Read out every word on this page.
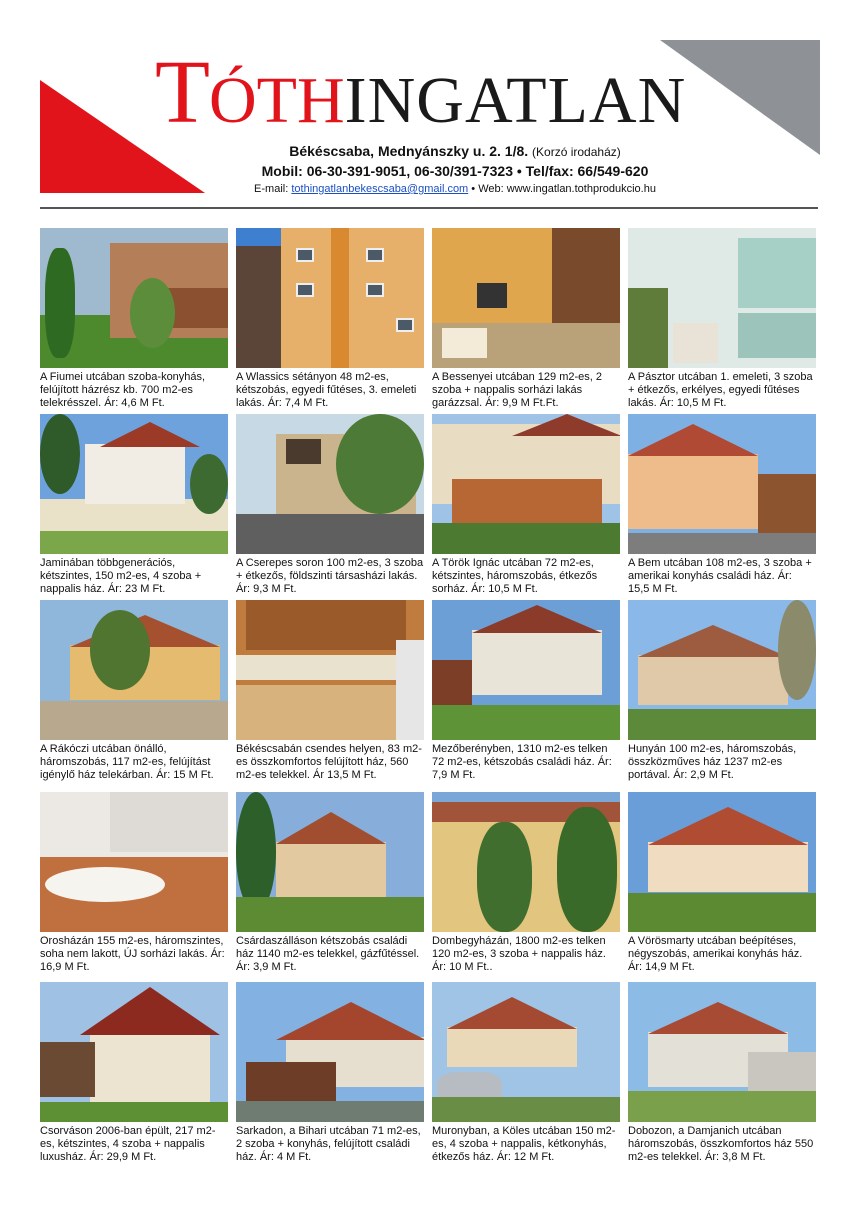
TÓTHINGATLAN
Békéscsaba, Mednyánszky u. 2. 1/8. (Korzó irodaház)
Mobil: 06-30-391-9051, 06-30/391-7323 • Tel/fax: 66/549-620
E-mail: tothingatlanbekescsaba@gmail.com • Web: www.ingatlan.tothprodukcio.hu
A Fiumei utcában szoba-konyhás, felújított házrész kb. 700 m2-es telekrésszel. Ár: 4,6 M Ft.
A Wlassics sétányon 48 m2-es, kétszobás, egyedi fűtéses, 3. emeleti lakás. Ár: 7,4 M Ft.
A Bessenyei utcában 129 m2-es, 2 szoba + nappalis sorházi lakás garázzsal. Ár: 9,9 M Ft.Ft.
A Pásztor utcában 1. emeleti, 3 szoba + étkezős, erkélyes, egyedi fűtéses lakás. Ár: 10,5 M Ft.
Jaminában többgenerációs, kétszintes, 150 m2-es, 4 szoba + nappalis ház. Ár: 23 M Ft.
A Cserepes soron 100 m2-es, 3 szoba + étkezős, földszinti társasházi lakás. Ár: 9,3 M Ft.
A Török Ignác utcában 72 m2-es, kétszintes, háromszobás, étkezős sorház. Ár: 10,5 M Ft.
A Bem utcában 108 m2-es, 3 szoba + amerikai konyhás családi ház. Ár: 15,5 M Ft.
A Rákóczi utcában önálló, háromszobás, 117 m2-es, felújítást igénylő ház telekárban. Ár: 15 M Ft.
Békéscsabán csendes helyen, 83 m2-es összkomfortos felújított ház, 560 m2-es telekkel. Ár 13,5 M Ft.
Mezőberényben, 1310 m2-es telken 72 m2-es, kétszobás családi ház. Ár: 7,9 M Ft.
Hunyán 100 m2-es, háromszobás, összközműves ház 1237 m2-es portával. Ár: 2,9 M Ft.
Orosházán 155 m2-es, háromszintes, soha nem lakott, ÚJ sorházi lakás. Ár: 16,9 M Ft.
Csárdaszálláson kétszobás családi ház 1140 m2-es telekkel, gázfűtéssel. Ár: 3,9 M Ft.
Dombegyházán, 1800 m2-es telken 120 m2-es, 3 szoba + nappalis ház. Ár: 10 M Ft..
A Vörösmarty utcában beépítéses, négyszobás, amerikai konyhás ház. Ár: 14,9 M Ft.
Csorváson 2006-ban épült, 217 m2-es, kétszintes, 4 szoba + nappalis luxusház. Ár: 29,9 M Ft.
Sarkadon, a Bihari utcában 71 m2-es, 2 szoba + konyhás, felújított családi ház. Ár: 4 M Ft.
Muronyban, a Köles utcában 150 m2-es, 4 szoba + nappalis, kétkonyhás, étkezős ház. Ár: 12 M Ft.
Dobozon, a Damjanich utcában háromszobás, összkomfortos ház 550 m2-es telekkel. Ár: 3,8 M Ft.
